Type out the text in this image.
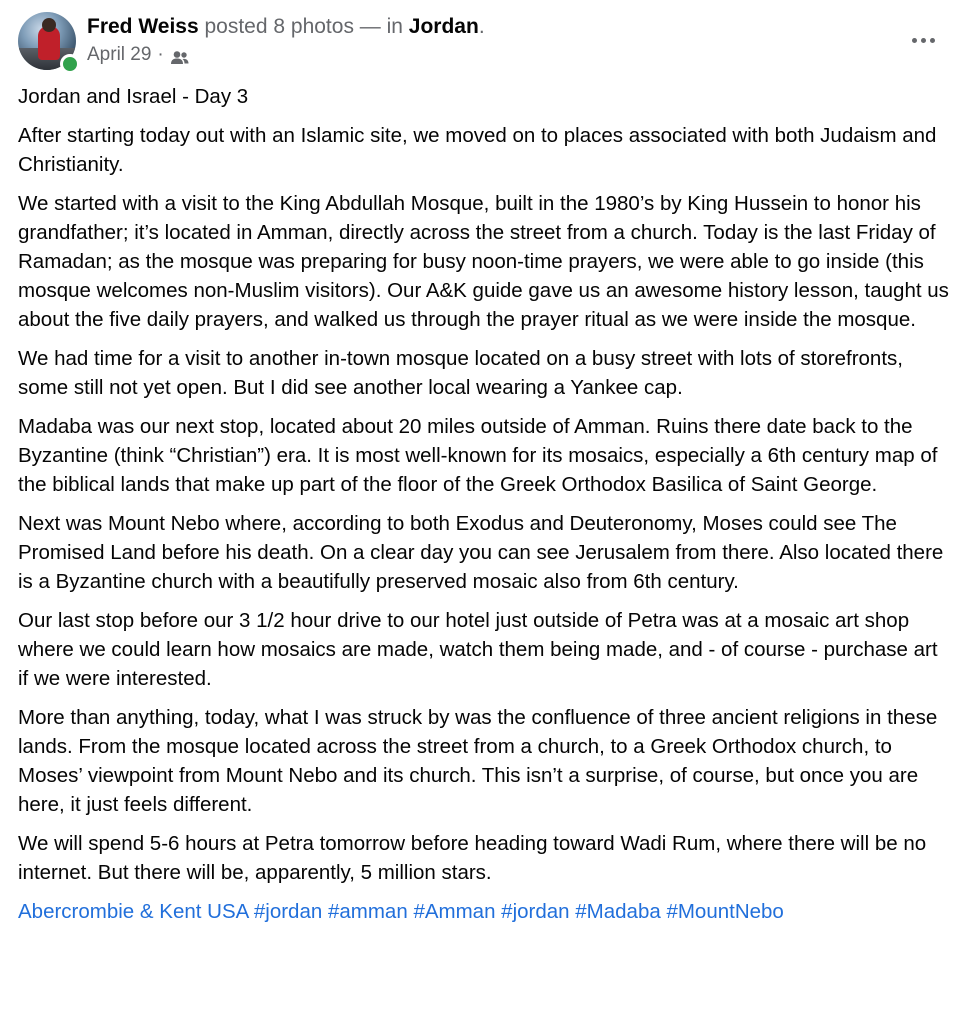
Fred Weiss posted 8 photos — in Jordan.
April 29 ·

Jordan and Israel - Day 3

After starting today out with an Islamic site, we moved on to places associated with both Judaism and Christianity.

We started with a visit to the King Abdullah Mosque, built in the 1980’s by King Hussein to honor his grandfather; it’s located in Amman, directly across the street from a church. Today is the last Friday of Ramadan; as the mosque was preparing for busy noon-time prayers, we were able to go inside (this mosque welcomes non-Muslim visitors). Our A&K guide gave us an awesome history lesson, taught us about the five daily prayers, and walked us through the prayer ritual as we were inside the mosque.

We had time for a visit to another in-town mosque located on a busy street with lots of storefronts, some still not yet open. But I did see another local wearing a Yankee cap.

Madaba was our next stop, located about 20 miles outside of Amman. Ruins there date back to the Byzantine (think “Christian”) era. It is most well-known for its mosaics, especially a 6th century map of the biblical lands that make up part of the floor of the Greek Orthodox Basilica of Saint George.

Next was Mount Nebo where, according to both Exodus and Deuteronomy, Moses could see The Promised Land before his death. On a clear day you can see Jerusalem from there. Also located there is a Byzantine church with a beautifully preserved mosaic also from 6th century.

Our last stop before our 3 1/2 hour drive to our hotel just outside of Petra was at a mosaic art shop where we could learn how mosaics are made, watch them being made, and - of course - purchase art if we were interested.

More than anything, today, what I was struck by was the confluence of three ancient religions in these lands. From the mosque located across the street from a church, to a Greek Orthodox church, to Moses’ viewpoint from Mount Nebo and its church. This isn’t a surprise, of course, but once you are here, it just feels different.

We will spend 5-6 hours at Petra tomorrow before heading toward Wadi Rum, where there will be no internet. But there will be, apparently, 5 million stars.

Abercrombie & Kent USA #jordan #amman #Amman #jordan #Madaba #MountNebo
